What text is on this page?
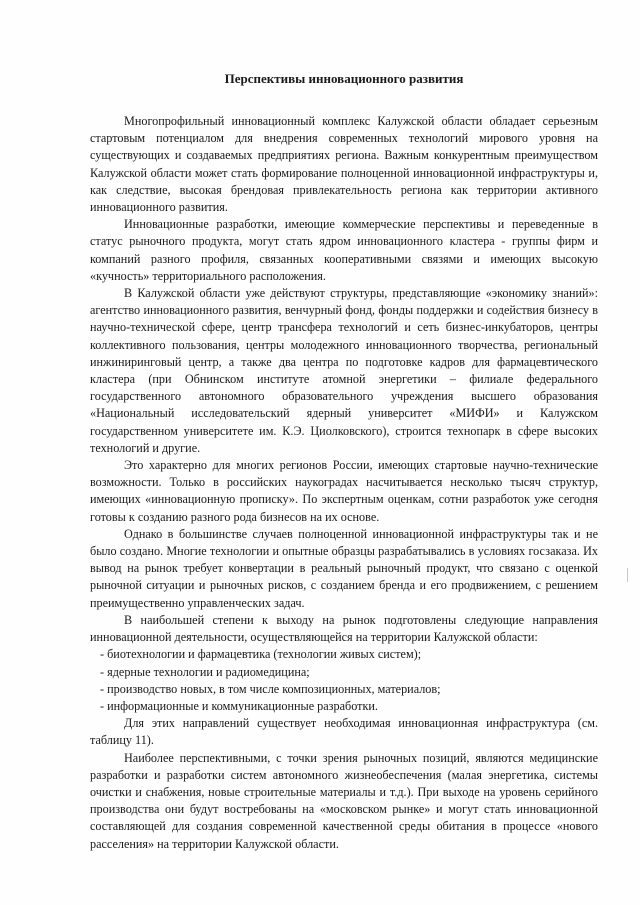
Перспективы инновационного развития

Многопрофильный инновационный комплекс Калужской области обладает серьезным стартовым потенциалом для внедрения современных технологий мирового уровня на существующих и создаваемых предприятиях региона. Важным конкурентным преимуществом Калужской области может стать формирование полноценной инновационной инфраструктуры и, как следствие, высокая брендовая привлекательность региона как территории активного инновационного развития.

Инновационные разработки, имеющие коммерческие перспективы и переведенные в статус рыночного продукта, могут стать ядром инновационного кластера - группы фирм и компаний разного профиля, связанных кооперативными связями и имеющих высокую «кучность» территориального расположения.

В Калужской области уже действуют структуры, представляющие «экономику знаний»: агентство инновационного развития, венчурный фонд, фонды поддержки и содействия бизнесу в научно-технической сфере, центр трансфера технологий и сеть бизнес-инкубаторов, центры коллективного пользования, центры молодежного инновационного творчества, региональный инжиниринговый центр, а также два центра по подготовке кадров для фармацевтического кластера (при Обнинском институте атомной энергетики – филиале федерального государственного автономного образовательного учреждения высшего образования «Национальный исследовательский ядерный университет «МИФИ» и Калужском государственном университете им. К.Э. Циолковского), строится технопарк в сфере высоких технологий и другие.

Это характерно для многих регионов России, имеющих стартовые научно-технические возможности. Только в российских наукоградах насчитывается несколько тысяч структур, имеющих «инновационную прописку». По экспертным оценкам, сотни разработок уже сегодня готовы к созданию разного рода бизнесов на их основе.

Однако в большинстве случаев полноценной инновационной инфраструктуры так и не было создано. Многие технологии и опытные образцы разрабатывались в условиях госзаказа. Их вывод на рынок требует конвертации в реальный рыночный продукт, что связано с оценкой рыночной ситуации и рыночных рисков, с созданием бренда и его продвижением, с решением преимущественно управленческих задач.

В наибольшей степени к выходу на рынок подготовлены следующие направления инновационной деятельности, осуществляющейся на территории Калужской области:

- биотехнологии и фармацевтика (технологии живых систем);
- ядерные технологии и радиомедицина;
- производство новых, в том числе композиционных, материалов;
- информационные и коммуникационные разработки.

Для этих направлений существует необходимая инновационная инфраструктура (см. таблицу 11).

Наиболее перспективными, с точки зрения рыночных позиций, являются медицинские разработки и разработки систем автономного жизнеобеспечения (малая энергетика, системы очистки и снабжения, новые строительные материалы и т.д.). При выходе на уровень серийного производства они будут востребованы на «московском рынке» и могут стать инновационной составляющей для создания современной качественной среды обитания в процессе «нового расселения» на территории Калужской области.
